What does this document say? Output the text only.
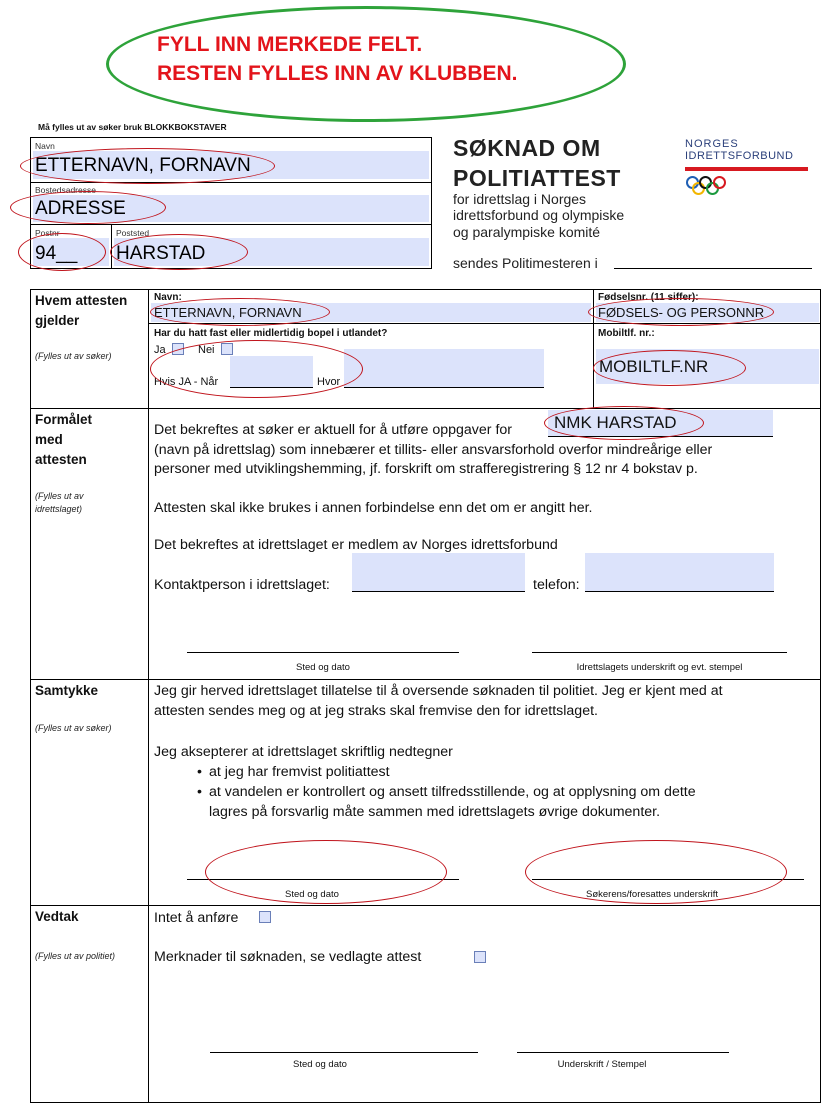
FYLL INN MERKEDE FELT.
RESTEN FYLLES INN AV KLUBBEN.
Må fylles ut av søker bruk BLOKKBOKSTAVER
Navn
ETTERNAVN, FORNAVN
Bostedsadresse
ADRESSE
Postnr
94__
Poststed
HARSTAD
SØKNAD OM
POLITIATTEST
for idrettslag i Norges
idrettsforbund og olympiske
og paralympiske komité
sendes Politimesteren i
NORGES
IDRETTSFORBUND
Hvem attesten
gjelder
(Fylles ut av søker)
Navn:
ETTERNAVN, FORNAVN
Fødselsnr. (11 siffer):
FØDSELS- OG PERSONNR
Har du hatt fast eller midlertidig bopel i utlandet?
Ja	Nei
Hvis JA - Når	Hvor
Mobiltlf. nr.:
MOBILTLF.NR
Formålet
med
attesten
(Fylles ut av
idrettslaget)
Det bekreftes at søker er aktuell for å utføre oppgaver for NMK HARSTAD
(navn på idrettslag) som innebærer et tillits- eller ansvarsforhold overfor mindreårige eller
personer med utviklingshemming, jf. forskrift om strafferegistrering § 12 nr 4 bokstav p.
Attesten skal ikke brukes i annen forbindelse enn det om er angitt her.
Det bekreftes at idrettslaget er medlem av Norges idrettsforbund
Kontaktperson i idrettslaget:	telefon:
Sted og dato	Idrettslagets underskrift og evt. stempel
Samtykke
(Fylles ut av søker)
Jeg gir herved idrettslaget tillatelse til å oversende søknaden til politiet. Jeg er kjent med at
attesten sendes meg og at jeg straks skal fremvise den for idrettslaget.
Jeg aksepterer at idrettslaget skriftlig nedtegner
• at jeg har fremvist politiattest
• at vandelen er kontrollert og ansett tilfredsstillende, og at opplysning om dette
lagres på forsvarlig måte sammen med idrettslagets øvrige dokumenter.
Sted og dato	Søkerens/foresattes underskrift
Vedtak
(Fylles ut av politiet)
Intet å anføre
Merknader til søknaden, se vedlagte attest
Sted og dato	Underskrift / Stempel
